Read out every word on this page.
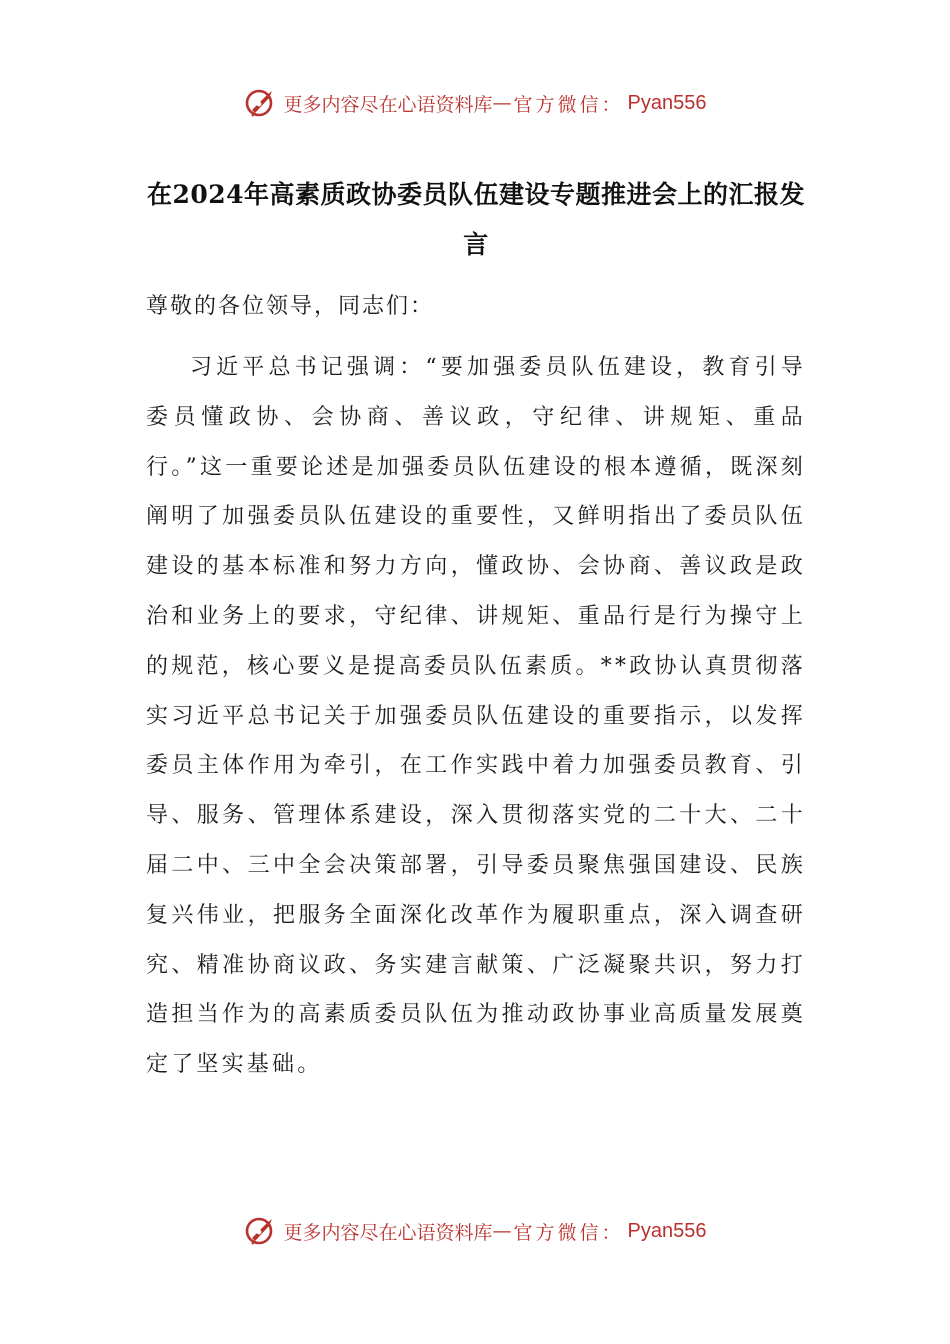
更多内容尽在心语资料库 — 官方微信： Pyan556
在2024年高素质政协委员队伍建设专题推进会上的汇报发言
尊敬的各位领导，同志们：

习近平总书记强调：“要加强委员队伍建设，教育引导委员懂政协、会协商、善议政，守纪律、讲规矩、重品行。”这一重要论述是加强委员队伍建设的根本遵循，既深刻阐明了加强委员队伍建设的重要性，又鲜明指出了委员队伍建设的基本标准和努力方向，懂政协、会协商、善议政是政治和业务上的要求，守纪律、讲规矩、重品行是行为操守上的规范，核心要义是提高委员队伍素质。**政协认真贯彻落实习近平总书记关于加强委员队伍建设的重要指示，以发挥委员主体作用为牵引，在工作实践中着力加强委员教育、引导、服务、管理体系建设，深入贯彻落实党的二十大、二十届二中、三中全会决策部署，引导委员聚焦强国建设、民族复兴伟业，把服务全面深化改革作为履职重点，深入调查研究、精准协商议政、务实建言献策、广泛凝聚共识，努力打造担当作为的高素质委员队伍为推动政协事业高质量发展奠定了坚实基础。

更多内容尽在心语资料库 — 官方微信： Pyan556
